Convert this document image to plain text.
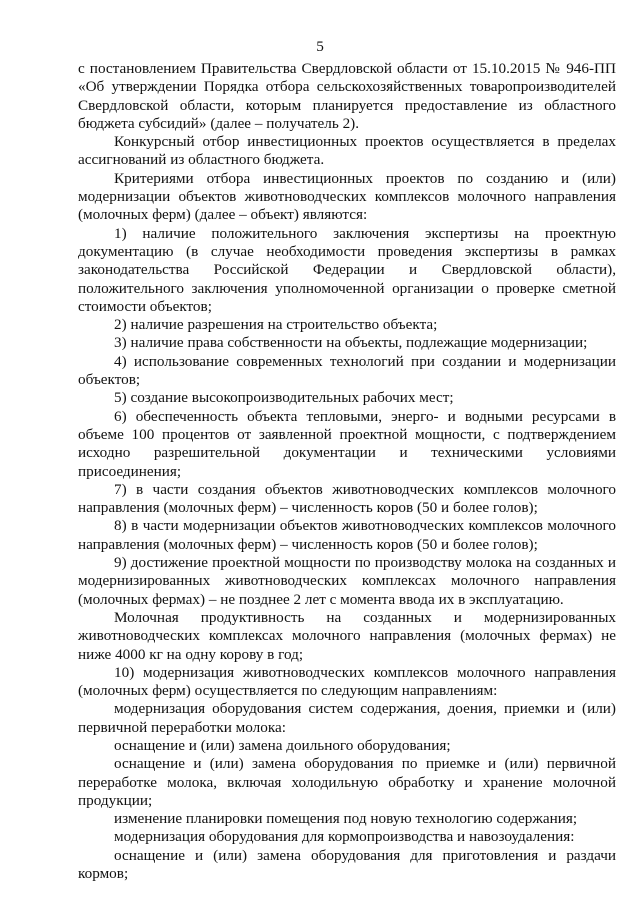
5

с постановлением Правительства Свердловской области от 15.10.2015 № 946-ПП «Об утверждении Порядка отбора сельскохозяйственных товаропроизводителей Свердловской области, которым планируется предоставление из областного бюджета субсидий» (далее – получатель 2).

Конкурсный отбор инвестиционных проектов осуществляется в пределах ассигнований из областного бюджета.

Критериями отбора инвестиционных проектов по созданию и (или) модернизации объектов животноводческих комплексов молочного направления (молочных ферм) (далее – объект) являются:

1) наличие положительного заключения экспертизы на проектную документацию (в случае необходимости проведения экспертизы в рамках законодательства Российской Федерации и Свердловской области), положительного заключения уполномоченной организации о проверке сметной стоимости объектов;

2) наличие разрешения на строительство объекта;

3) наличие права собственности на объекты, подлежащие модернизации;

4) использование современных технологий при создании и модернизации объектов;

5) создание высокопроизводительных рабочих мест;

6) обеспеченность объекта тепловыми, энерго- и водными ресурсами в объеме 100 процентов от заявленной проектной мощности, с подтверждением исходно разрешительной документации и техническими условиями присоединения;

7) в части создания объектов животноводческих комплексов молочного направления (молочных ферм) – численность коров (50 и более голов);

8) в части модернизации объектов животноводческих комплексов молочного направления (молочных ферм) – численность коров (50 и более голов);

9) достижение проектной мощности по производству молока на созданных и модернизированных животноводческих комплексах молочного направления (молочных фермах) – не позднее 2 лет с момента ввода их в эксплуатацию.

Молочная продуктивность на созданных и модернизированных животноводческих комплексах молочного направления (молочных фермах) не ниже 4000 кг на одну корову в год;

10) модернизация животноводческих комплексов молочного направления (молочных ферм) осуществляется по следующим направлениям:

модернизация оборудования систем содержания, доения, приемки и (или) первичной переработки молока:

оснащение и (или) замена доильного оборудования;

оснащение и (или) замена оборудования по приемке и (или) первичной переработке молока, включая холодильную обработку и хранение молочной продукции;

изменение планировки помещения под новую технологию содержания;

модернизация оборудования для кормопроизводства и навозоудаления:

оснащение и (или) замена оборудования для приготовления и раздачи кормов;
